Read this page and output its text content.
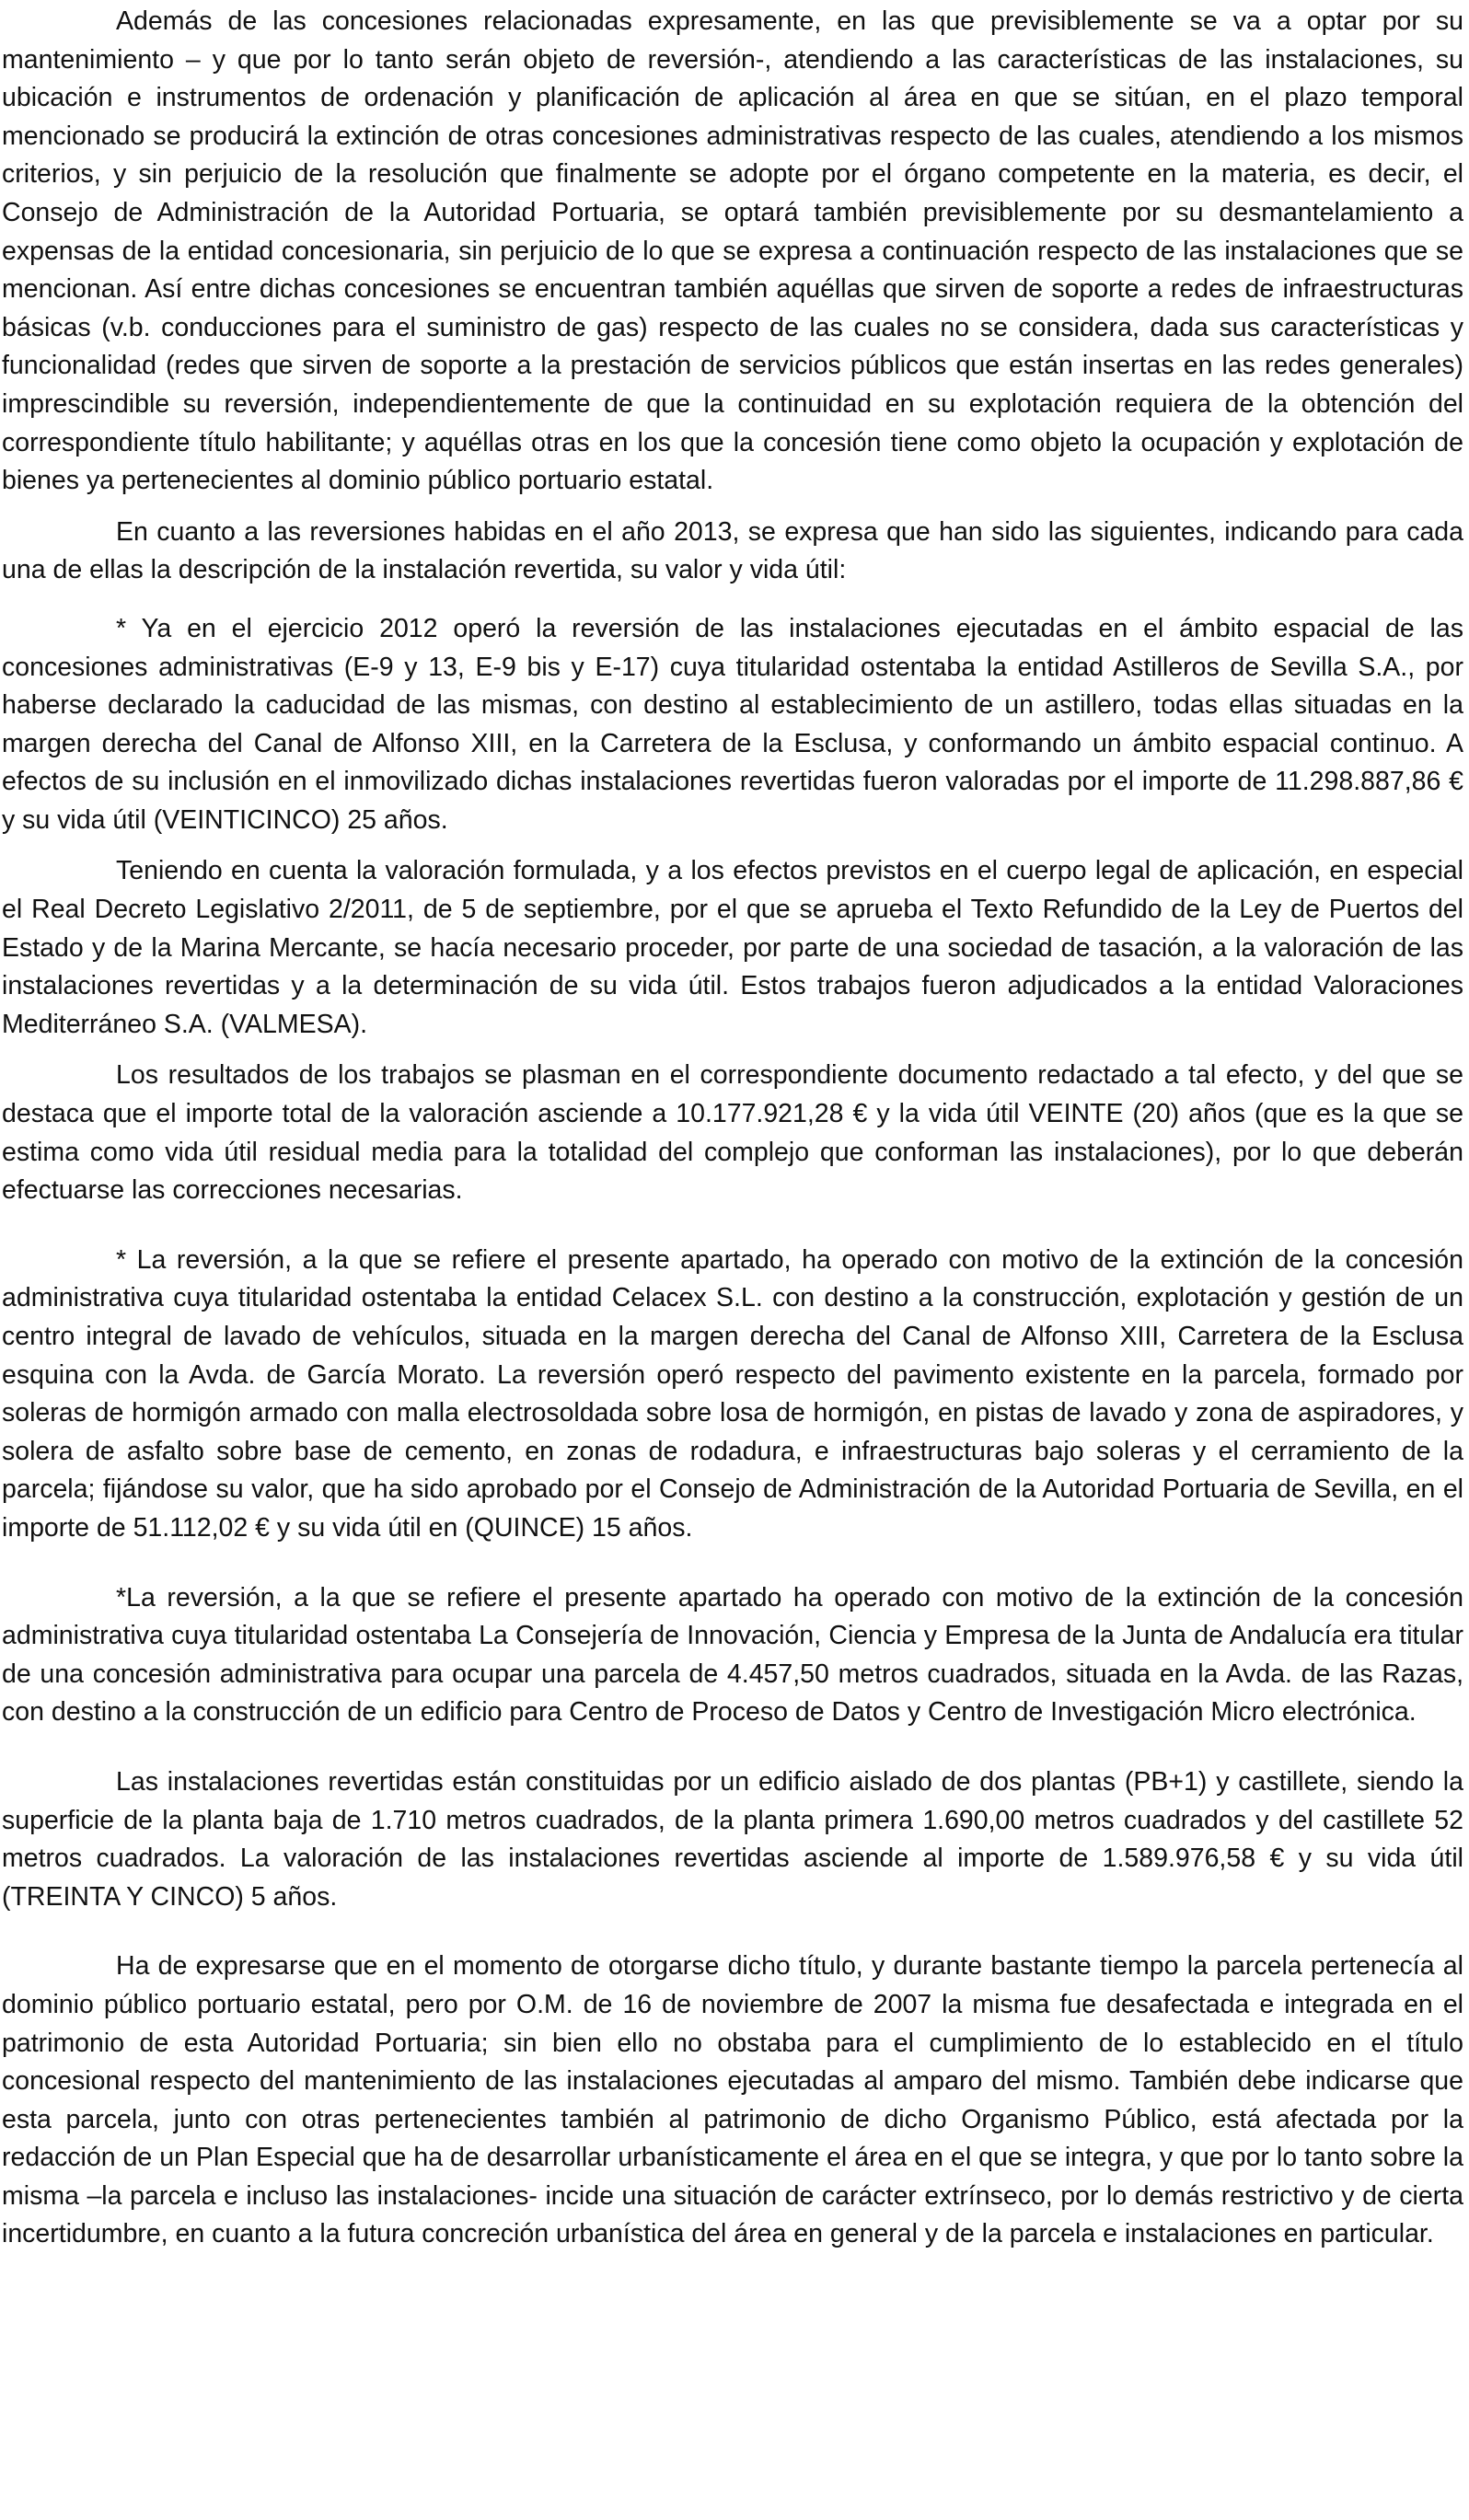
Además de las concesiones relacionadas expresamente, en las que previsiblemente se va a optar por su mantenimiento – y que por lo tanto serán objeto de reversión-, atendiendo a las características de las instalaciones, su ubicación e instrumentos de ordenación y planificación de aplicación al área en que se sitúan, en el plazo temporal mencionado se producirá la extinción de otras concesiones administrativas respecto de las cuales, atendiendo a los mismos criterios, y sin perjuicio de la resolución que finalmente se adopte por el órgano competente en la materia, es decir, el Consejo de Administración de la Autoridad Portuaria, se optará también previsiblemente por su desmantelamiento a expensas de la entidad concesionaria, sin perjuicio de lo que se expresa a continuación respecto de las instalaciones que se mencionan. Así entre dichas concesiones se encuentran también aquéllas que sirven de soporte a redes de infraestructuras básicas (v.b. conducciones para el suministro de gas) respecto de las cuales no se considera, dada sus características y funcionalidad (redes que sirven de soporte a la prestación de servicios públicos que están insertas en las redes generales) imprescindible su reversión, independientemente de que la continuidad en su explotación requiera de la obtención del correspondiente título habilitante; y aquéllas otras en los que la concesión tiene como objeto la ocupación y explotación de bienes ya pertenecientes al dominio público portuario estatal.

En cuanto a las reversiones habidas en el año 2013, se expresa que han sido las siguientes, indicando para cada una de ellas la descripción de la instalación revertida, su valor y vida útil:

* Ya en el ejercicio 2012 operó la reversión de las instalaciones ejecutadas en el ámbito espacial de las concesiones administrativas (E-9 y 13, E-9 bis y E-17) cuya titularidad ostentaba la entidad Astilleros de Sevilla S.A., por haberse declarado la caducidad de las mismas, con destino al establecimiento de un astillero, todas ellas situadas en la margen derecha del Canal de Alfonso XIII, en la Carretera de la Esclusa, y conformando un ámbito espacial continuo. A efectos de su inclusión en el inmovilizado dichas instalaciones revertidas fueron valoradas por el importe de 11.298.887,86 € y su vida útil (VEINTICINCO) 25 años.

Teniendo en cuenta la valoración formulada, y a los efectos previstos en el cuerpo legal de aplicación, en especial el Real Decreto Legislativo 2/2011, de 5 de septiembre, por el que se aprueba el Texto Refundido de la Ley de Puertos del Estado y de la Marina Mercante, se hacía necesario proceder, por parte de una sociedad de tasación, a la valoración de las instalaciones revertidas y a la determinación de su vida útil. Estos trabajos fueron adjudicados a la entidad Valoraciones Mediterráneo S.A. (VALMESA).

Los resultados de los trabajos se plasman en el correspondiente documento redactado a tal efecto, y del que se destaca que el importe total de la valoración asciende a 10.177.921,28 € y la vida útil VEINTE (20) años (que es la que se estima como vida útil residual media para la totalidad del complejo que conforman las instalaciones), por lo que deberán efectuarse las correcciones necesarias.

* La reversión, a la que se refiere el presente apartado, ha operado con motivo de la extinción de la concesión administrativa cuya titularidad ostentaba la entidad Celacex S.L. con destino a la construcción, explotación y gestión de un centro integral de lavado de vehículos, situada en la margen derecha del Canal de Alfonso XIII, Carretera de la Esclusa esquina con la Avda. de García Morato. La reversión operó respecto del pavimento existente en la parcela, formado por soleras de hormigón armado con malla electrosoldada sobre losa de hormigón, en pistas de lavado y zona de aspiradores, y solera de asfalto sobre base de cemento, en zonas de rodadura, e infraestructuras bajo soleras y el cerramiento de la parcela; fijándose su valor, que ha sido aprobado por el Consejo de Administración de la Autoridad Portuaria de Sevilla, en el importe de 51.112,02 € y su vida útil en (QUINCE) 15 años.

*La reversión, a la que se refiere el presente apartado ha operado con motivo de la extinción de la concesión administrativa cuya titularidad ostentaba La Consejería de Innovación, Ciencia y Empresa de la Junta de Andalucía era titular de una concesión administrativa para ocupar una parcela de 4.457,50 metros cuadrados, situada en la Avda. de las Razas, con destino a la construcción de un edificio para Centro de Proceso de Datos y Centro de Investigación Micro electrónica.

Las instalaciones revertidas están constituidas por un edificio aislado de dos plantas (PB+1) y castillete, siendo la superficie de la planta baja de 1.710 metros cuadrados, de la planta primera 1.690,00 metros cuadrados y del castillete 52 metros cuadrados. La valoración de las instalaciones revertidas asciende al importe de 1.589.976,58 € y su vida útil (TREINTA Y CINCO) 5 años.

Ha de expresarse que en el momento de otorgarse dicho título, y durante bastante tiempo la parcela pertenecía al dominio público portuario estatal, pero por O.M. de 16 de noviembre de 2007 la misma fue desafectada e integrada en el patrimonio de esta Autoridad Portuaria; sin bien ello no obstaba para el cumplimiento de lo establecido en el título concesional respecto del mantenimiento de las instalaciones ejecutadas al amparo del mismo. También debe indicarse que esta parcela, junto con otras pertenecientes también al patrimonio de dicho Organismo Público, está afectada por la redacción de un Plan Especial que ha de desarrollar urbanísticamente el área en el que se integra, y que por lo tanto sobre la misma –la parcela e incluso las instalaciones- incide una situación de carácter extrínseco, por lo demás restrictivo y de cierta incertidumbre, en cuanto a la futura concreción urbanística del área en general y de la parcela e instalaciones en particular.
